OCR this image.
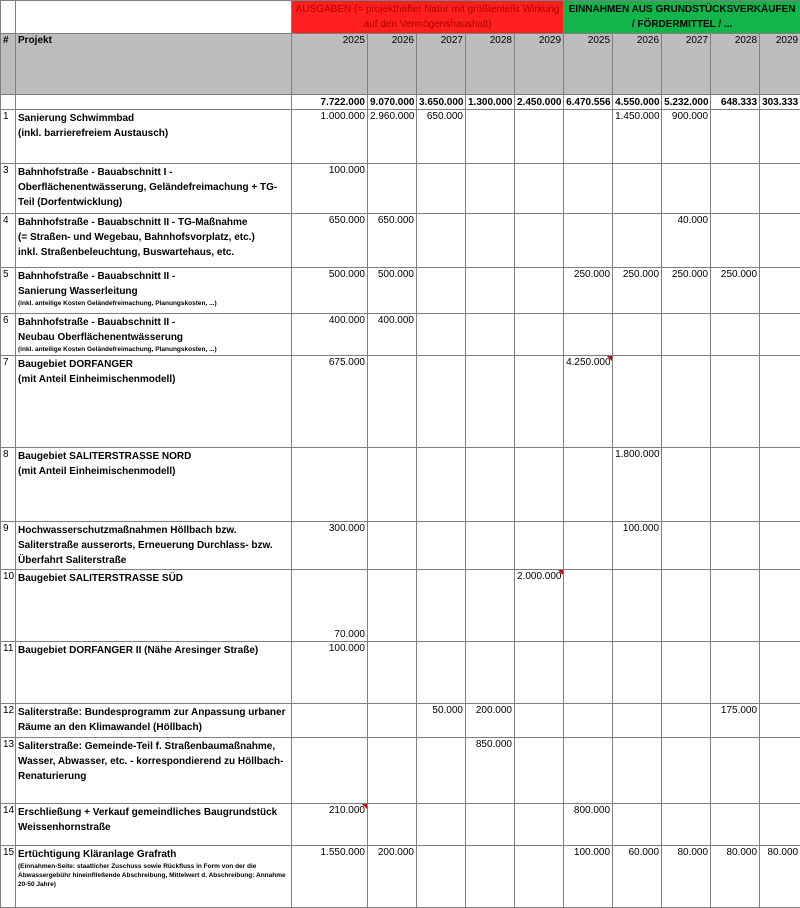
		AUSGABEN (= projekthafter Natur mit größtenteils Wirkung auf den Vermögenshaushalt)					EINNAHMEN AUS GRUNDSTÜCKSVERKÄUFEN / FÖRDERMITTEL / ...				
#	Projekt	2025	2026	2027	2028	2029	2025	2026	2027	2028	2029
		7.722.000	9.070.000	3.650.000	1.300.000	2.450.000	6.470.556	4.550.000	5.232.000	648.333	303.333
1	Sanierung Schwimmbad
(inkl. barrierefreiem Austausch)	1.000.000	2.960.000	650.000				1.450.000	900.000		
3	Bahnhofstraße - Bauabschnitt I -
Oberflächenentwässerung, Geländefreimachung + TG-
Teil (Dorfentwicklung)	100.000									
4	Bahnhofstraße - Bauabschnitt II - TG-Maßnahme
(= Straßen- und Wegebau, Bahnhofsvorplatz, etc.)
inkl. Straßenbeleuchtung, Buswartehaus, etc.	650.000	650.000						40.000		
5	Bahnhofstraße - Bauabschnitt II -
Sanierung Wasserleitung
(inkl. anteilige Kosten Geländefreimachung, Planungskosten, ...)	500.000	500.000				250.000	250.000	250.000	250.000	
6	Bahnhofstraße - Bauabschnitt II -
Neubau Oberflächenentwässerung
(inkl. anteilige Kosten Geländefreimachung, Planungskosten, ...)	400.000	400.000								
7	Baugebiet DORFANGER
(mit Anteil Einheimischenmodell)	675.000					4.250.000				
8	Baugebiet SALITERSTRASSE NORD
(mit Anteil Einheimischenmodell)							1.800.000			
9	Hochwasserschutzmaßnahmen Höllbach bzw.
Saliterstraße ausserorts, Erneuerung Durchlass- bzw.
Überfahrt Saliterstraße	300.000						100.000			
10	Baugebiet SALITERSTRASSE SÜD	70.000				2.000.000					
11	Baugebiet DORFANGER II (Nähe Aresinger Straße)	100.000									
12	Saliterstraße: Bundesprogramm zur Anpassung urbaner
Räume an den Klimawandel (Höllbach)			50.000	200.000					175.000	
13	Saliterstraße: Gemeinde-Teil f. Straßenbaumaßnahme,
Wasser, Abwasser, etc. - korrespondierend zu Höllbach-
Renaturierung				850.000						
14	Erschließung + Verkauf gemeindliches Baugrundstück
Weissenhornstraße	210.000					800.000				
15	Ertüchtigung Kläranlage Grafrath
(Einnahmen-Seite: staatlicher Zuschuss sowie Rückfluss in Form von der die Abwassergebühr hineinfließende Abschreibung, Mittelwert d. Abschreibung: Annahme 20-50 Jahre)	1.550.000	200.000				100.000	60.000	80.000	80.000	80.000
